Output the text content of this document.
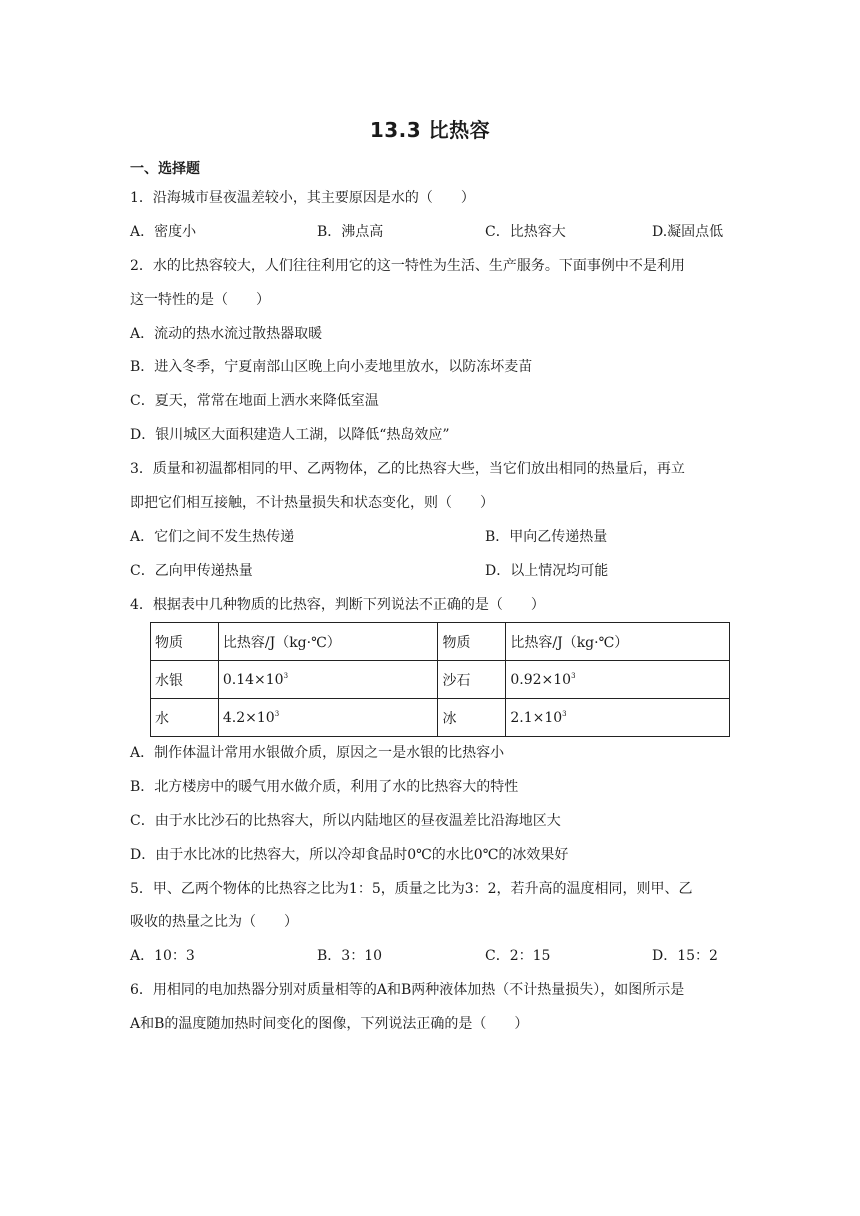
13.3 比热容
一、选择题
1．沿海城市昼夜温差较小，其主要原因是水的（　　）
A．密度小	B．沸点高	C．比热容大	D.凝固点低
2．水的比热容较大，人们往往利用它的这一特性为生活、生产服务。下面事例中不是利用
这一特性的是（　　）
A．流动的热水流过散热器取暖
B．进入冬季，宁夏南部山区晚上向小麦地里放水，以防冻坏麦苗
C．夏天，常常在地面上洒水来降低室温
D．银川城区大面积建造人工湖，以降低“热岛效应”
3．质量和初温都相同的甲、乙两物体，乙的比热容大些，当它们放出相同的热量后，再立
即把它们相互接触，不计热量损失和状态变化，则（　　）
A．它们之间不发生热传递	B．甲向乙传递热量
C．乙向甲传递热量	D．以上情况均可能
4．根据表中几种物质的比热容，判断下列说法不正确的是（　　）
物质	比热容/J（kg·℃）	物质	比热容/J（kg·℃）
水银	$0.14\times 10^3$	沙石	$0.92\times 10^3$
水	$4.2\times 10^3$	冰	$2.1\times 10^3$
A．制作体温计常用水银做介质，原因之一是水银的比热容小
B．北方楼房中的暖气用水做介质，利用了水的比热容大的特性
C．由于水比沙石的比热容大，所以内陆地区的昼夜温差比沿海地区大
D．由于水比冰的比热容大，所以冷却食品时0℃的水比0℃的冰效果好
5．甲、乙两个物体的比热容之比为1：5，质量之比为3：2，若升高的温度相同，则甲、乙
吸收的热量之比为（　　）
A．10：3	B．3：10	C．2：15	D．15：2
6．用相同的电加热器分别对质量相等的A和B两种液体加热（不计热量损失），如图所示是
A和B的温度随加热时间变化的图像，下列说法正确的是（　　）
